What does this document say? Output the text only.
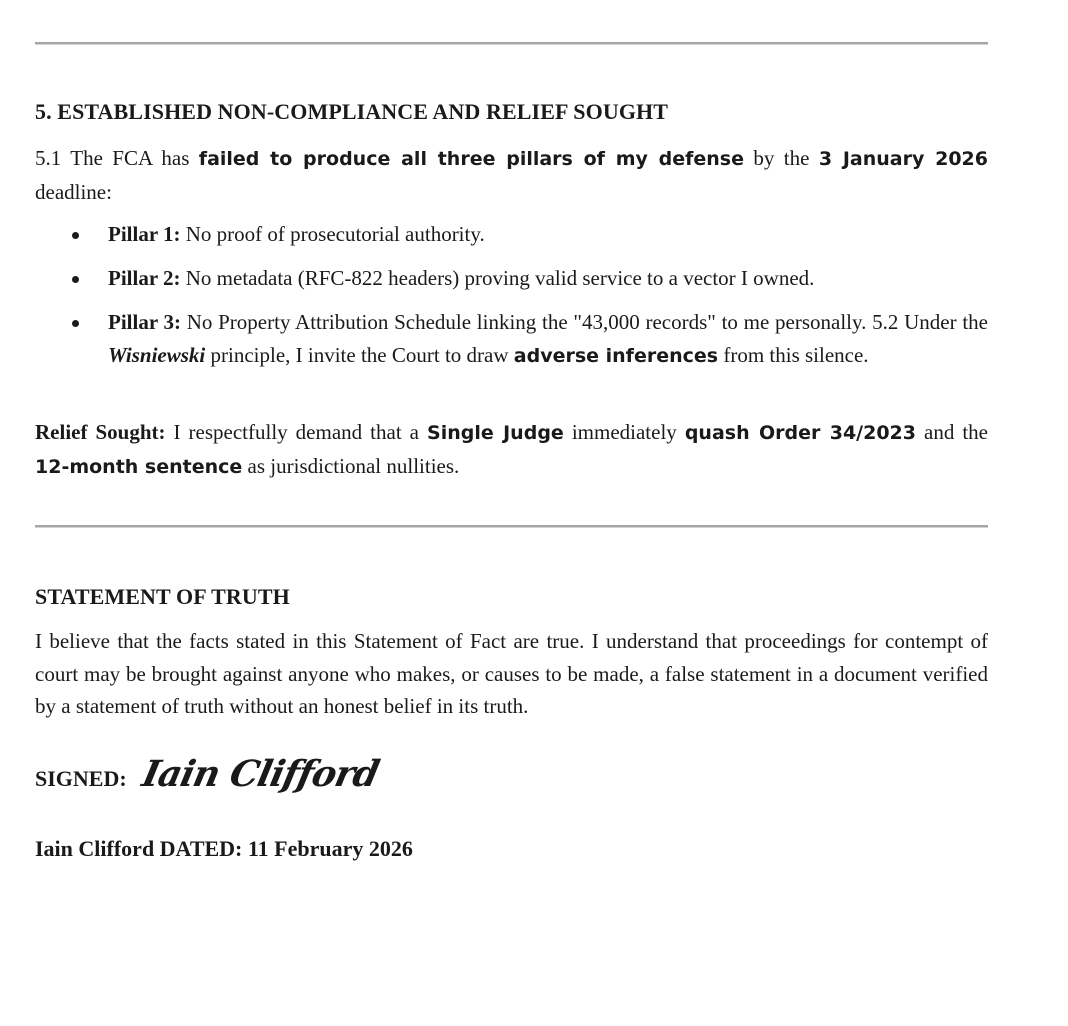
5. ESTABLISHED NON-COMPLIANCE AND RELIEF SOUGHT

5.1 The FCA has failed to produce all three pillars of my defense by the 3 January 2026 deadline:

Pillar 1: No proof of prosecutorial authority.
Pillar 2: No metadata (RFC-822 headers) proving valid service to a vector I owned.
Pillar 3: No Property Attribution Schedule linking the "43,000 records" to me personally. 5.2 Under the Wisniewski principle, I invite the Court to draw adverse inferences from this silence.

Relief Sought: I respectfully demand that a Single Judge immediately quash Order 34/2023 and the 12-month sentence as jurisdictional nullities.

STATEMENT OF TRUTH

I believe that the facts stated in this Statement of Fact are true. I understand that proceedings for contempt of court may be brought against anyone who makes, or causes to be made, a false statement in a document verified by a statement of truth without an honest belief in its truth.

SIGNED: Iain Clifford
Iain Clifford DATED: 11 February 2026
